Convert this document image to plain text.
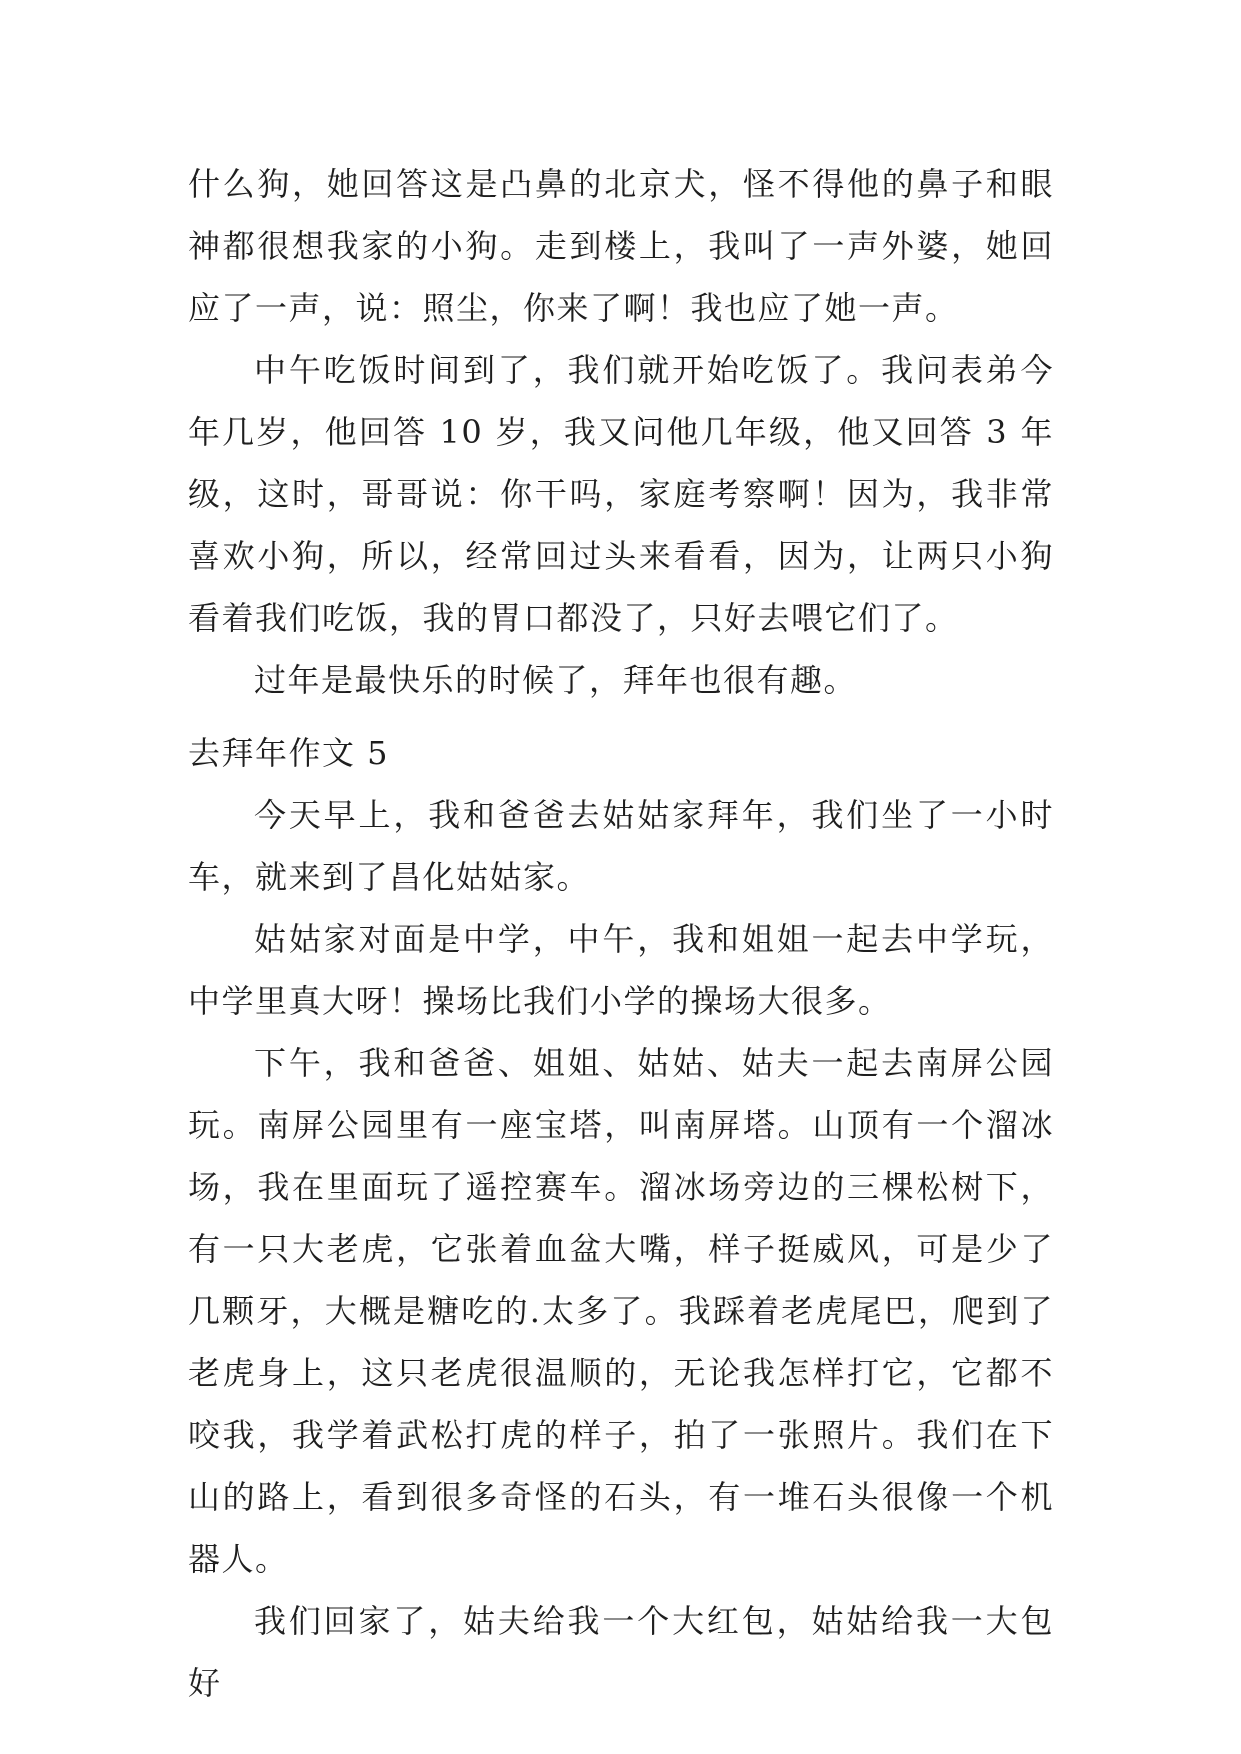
什么狗，她回答这是凸鼻的北京犬，怪不得他的鼻子和眼神都很想我家的小狗。走到楼上，我叫了一声外婆，她回应了一声，说：照尘，你来了啊！我也应了她一声。

中午吃饭时间到了，我们就开始吃饭了。我问表弟今年几岁，他回答 10 岁，我又问他几年级，他又回答 3 年级，这时，哥哥说：你干吗，家庭考察啊！因为，我非常喜欢小狗，所以，经常回过头来看看，因为，让两只小狗看着我们吃饭，我的胃口都没了，只好去喂它们了。

过年是最快乐的时候了，拜年也很有趣。

去拜年作文 5

今天早上，我和爸爸去姑姑家拜年，我们坐了一小时车，就来到了昌化姑姑家。

姑姑家对面是中学，中午，我和姐姐一起去中学玩，中学里真大呀！操场比我们小学的操场大很多。

下午，我和爸爸、姐姐、姑姑、姑夫一起去南屏公园玩。南屏公园里有一座宝塔，叫南屏塔。山顶有一个溜冰场，我在里面玩了遥控赛车。溜冰场旁边的三棵松树下，有一只大老虎，它张着血盆大嘴，样子挺威风，可是少了几颗牙，大概是糖吃的.太多了。我踩着老虎尾巴，爬到了老虎身上，这只老虎很温顺的，无论我怎样打它，它都不咬我，我学着武松打虎的样子，拍了一张照片。我们在下山的路上，看到很多奇怪的石头，有一堆石头很像一个机器人。

我们回家了，姑夫给我一个大红包，姑姑给我一大包好
